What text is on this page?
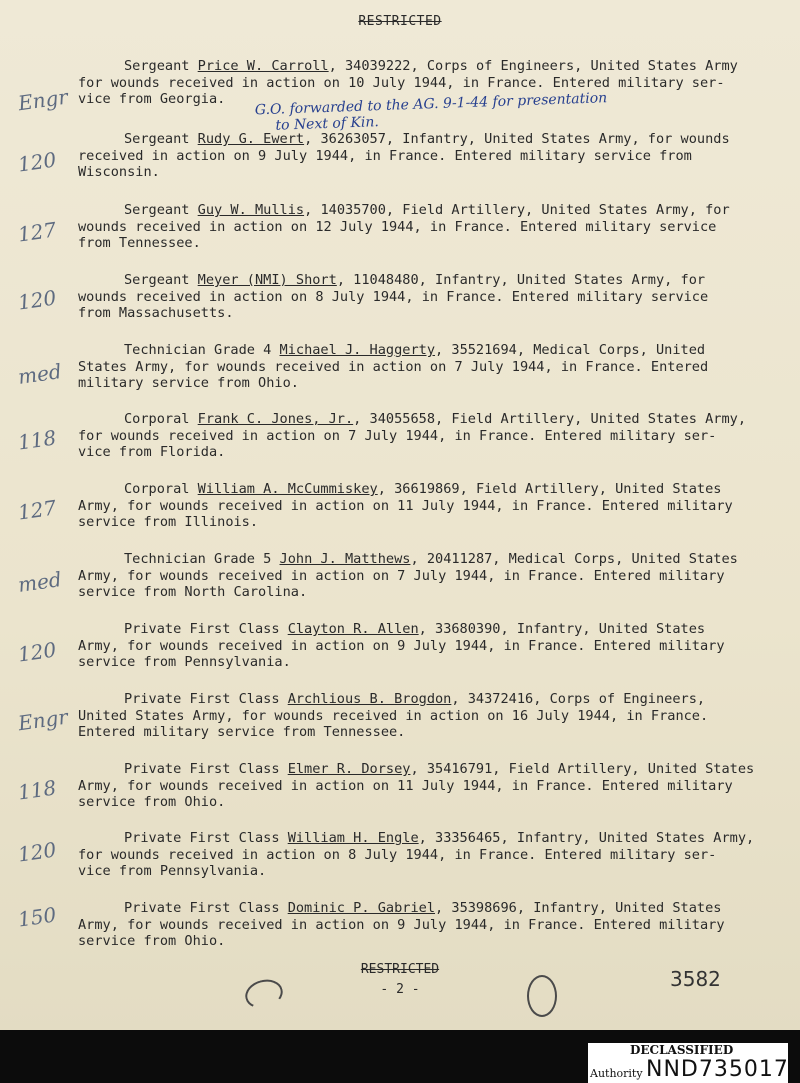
RESTRICTED
Sergeant Price W. Carroll, 34039222, Corps of Engineers, United States Army
for wounds received in action on 10 July 1944, in France. Entered military ser-
vice from Georgia.
Sergeant Rudy G. Ewert, 36263057, Infantry, United States Army, for wounds
received in action on 9 July 1944, in France. Entered military service from
Wisconsin.
Sergeant Guy W. Mullis, 14035700, Field Artillery, United States Army, for
wounds received in action on 12 July 1944, in France. Entered military service
from Tennessee.
Sergeant Meyer (NMI) Short, 11048480, Infantry, United States Army, for
wounds received in action on 8 July 1944, in France. Entered military service
from Massachusetts.
Technician Grade 4 Michael J. Haggerty, 35521694, Medical Corps, United
States Army, for wounds received in action on 7 July 1944, in France. Entered
military service from Ohio.
Corporal Frank C. Jones, Jr., 34055658, Field Artillery, United States Army,
for wounds received in action on 7 July 1944, in France. Entered military ser-
vice from Florida.
Corporal William A. McCummiskey, 36619869, Field Artillery, United States
Army, for wounds received in action on 11 July 1944, in France. Entered military
service from Illinois.
Technician Grade 5 John J. Matthews, 20411287, Medical Corps, United States
Army, for wounds received in action on 7 July 1944, in France. Entered military
service from North Carolina.
Private First Class Clayton R. Allen, 33680390, Infantry, United States
Army, for wounds received in action on 9 July 1944, in France. Entered military
service from Pennsylvania.
Private First Class Archlious B. Brogdon, 34372416, Corps of Engineers,
United States Army, for wounds received in action on 16 July 1944, in France.
Entered military service from Tennessee.
Private First Class Elmer R. Dorsey, 35416791, Field Artillery, United States
Army, for wounds received in action on 11 July 1944, in France. Entered military
service from Ohio.
Private First Class William H. Engle, 33356465, Infantry, United States Army,
for wounds received in action on 8 July 1944, in France. Entered military ser-
vice from Pennsylvania.
Private First Class Dominic P. Gabriel, 35398696, Infantry, United States
Army, for wounds received in action on 9 July 1944, in France. Entered military
service from Ohio.
G.O. forwarded to the AG. 9-1-44 for presentation
to Next of Kin.
Engr
120
127
120
med
118
127
med
120
Engr
118
120
150
RESTRICTED
- 2 -	3582
DECLASSIFIED
Authority NND735017
